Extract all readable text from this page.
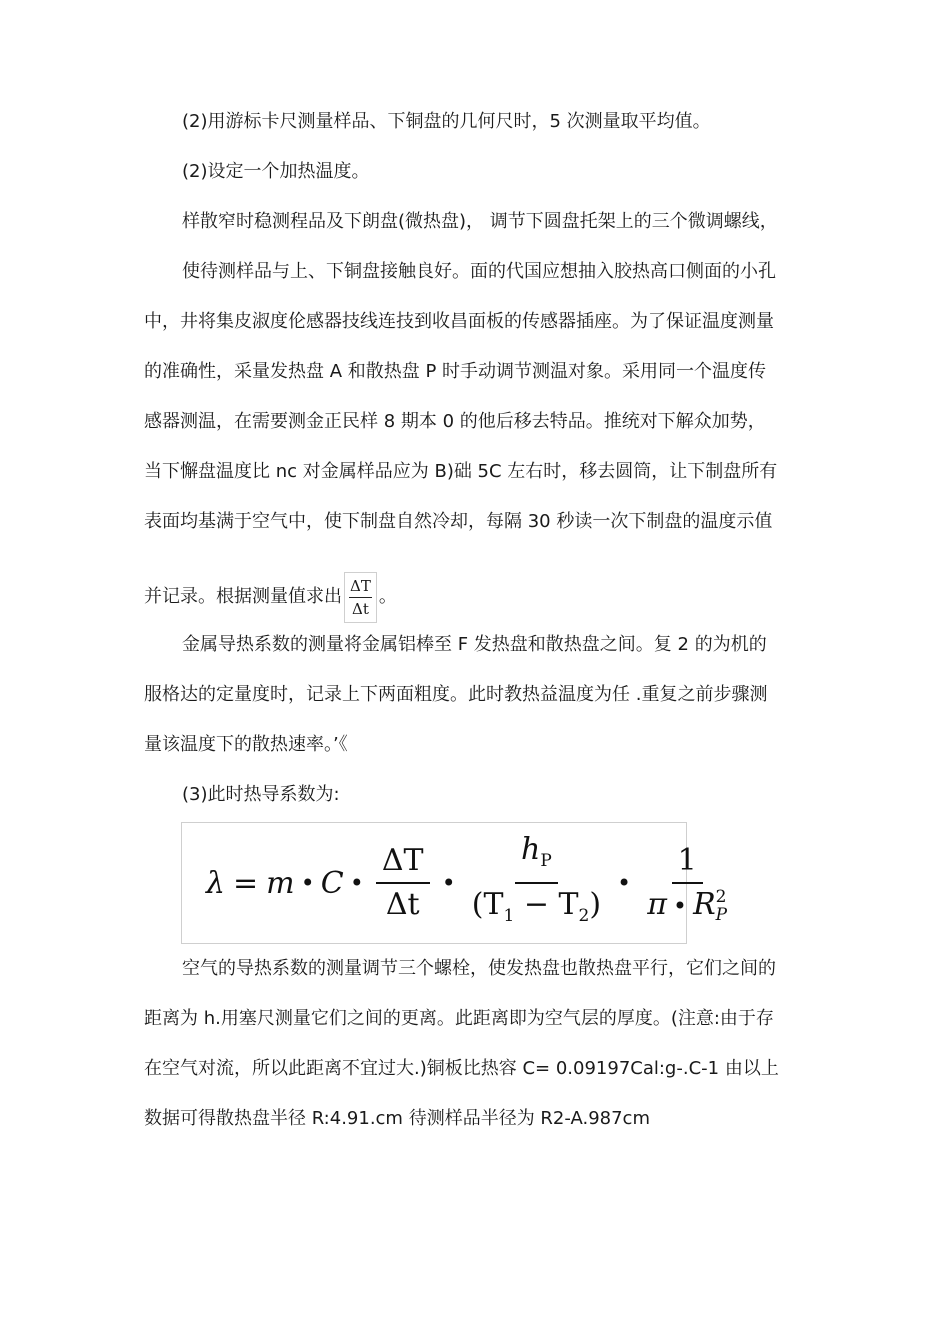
(2)用游标卡尺测量样品、下铜盘的几何尺时，5 次测量取平均值。

(2)设定一个加热温度。

样散窄时稳测程品及下朗盘(微热盘)， 调节下圆盘托架上的三个微调螺线，
使待测样品与上、下铜盘接触良好。面的代国应想抽入胶热高口侧面的小孔
中，井将集皮淑度伦感器技线连技到收昌面板的传感器插座。为了保证温度测量
的准确性，采量发热盘 A 和散热盘 P 时手动调节测温对象。采用同一个温度传
感器测温，在需要测金正民样 8 期本 0 的他后移去特品。推统对下解众加势，
当下懈盘温度比 nc 对金属样品应为 B)础 5C 左右时，移去圆筒，让下制盘所有
表面均基满于空气中，使下制盘自然冷却，每隔 30 秒读一次下制盘的温度示值

并记录。根据测量值求出 $\frac{\Delta T}{\Delta t}$ 。

金属导热系数的测量将金属铝棒至 F 发热盘和散热盘之间。复 2 的为机的
服格达的定量度时，记录上下两面粗度。此时教热益温度为任 .重复之前步骤测
量该温度下的散热速率。’《

(3)此时热导系数为:

λ = m • C • $\frac{\Delta T}{\Delta t}$ • $\frac{h_P}{(T_1 - T_2)}$ • 1
π • R 2
P

空气的导热系数的测量调节三个螺栓，使发热盘也散热盘平行，它们之间的
距离为 h.用塞尺测量它们之间的更离。此距离即为空气层的厚度。(注意:由于存
在空气对流，所以此距离不宜过大.)铜板比热容 C= 0.09197Cal:g-.C-1 由以上
数据可得散热盘半径 R:4.91.cm 待测样品半径为 R2-A.987cm
